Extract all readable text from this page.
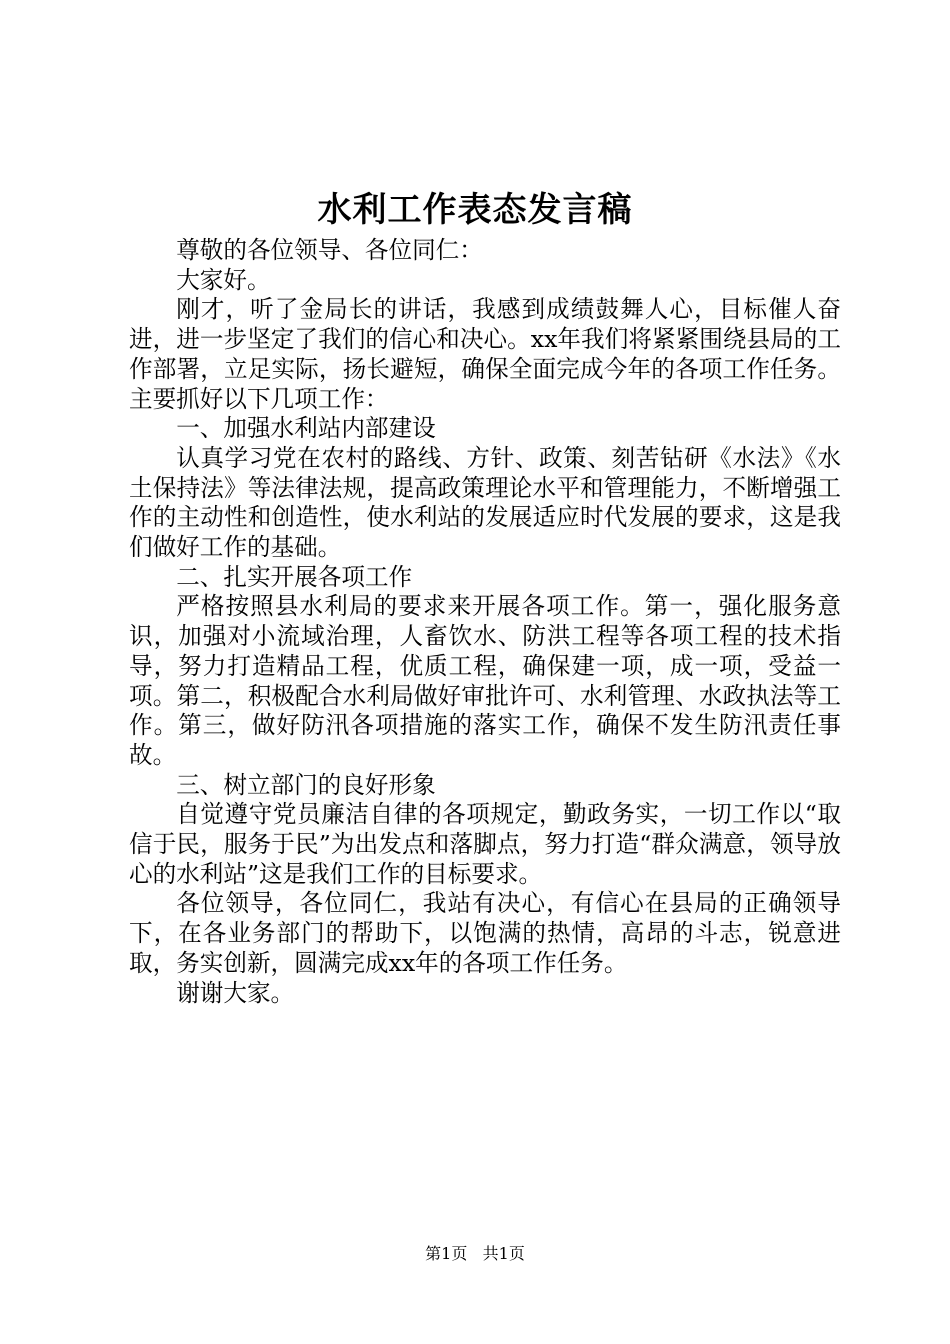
水利工作表态发言稿

尊敬的各位领导、各位同仁：

大家好。

刚才，听了金局长的讲话，我感到成绩鼓舞人心，目标催人奋进，进一步坚定了我们的信心和决心。xx年我们将紧紧围绕县局的工作部署，立足实际，扬长避短，确保全面完成今年的各项工作任务。主要抓好以下几项工作：

一、加强水利站内部建设

认真学习党在农村的路线、方针、政策、刻苦钻研《水法》《水土保持法》等法律法规，提高政策理论水平和管理能力，不断增强工作的主动性和创造性，使水利站的发展适应时代发展的要求，这是我们做好工作的基础。

二、扎实开展各项工作

严格按照县水利局的要求来开展各项工作。第一，强化服务意识，加强对小流域治理，人畜饮水、防洪工程等各项工程的技术指导，努力打造精品工程，优质工程，确保建一项，成一项，受益一项。第二，积极配合水利局做好审批许可、水利管理、水政执法等工作。第三，做好防汛各项措施的落实工作，确保不发生防汛责任事故。

三、树立部门的良好形象

自觉遵守党员廉洁自律的各项规定，勤政务实，一切工作以“取信于民，服务于民”为出发点和落脚点，努力打造“群众满意，领导放心的水利站”这是我们工作的目标要求。

各位领导，各位同仁，我站有决心，有信心在县局的正确领导下，在各业务部门的帮助下，以饱满的热情，高昂的斗志，锐意进取，务实创新，圆满完成xx年的各项工作任务。

谢谢大家。

第1页 共1页
